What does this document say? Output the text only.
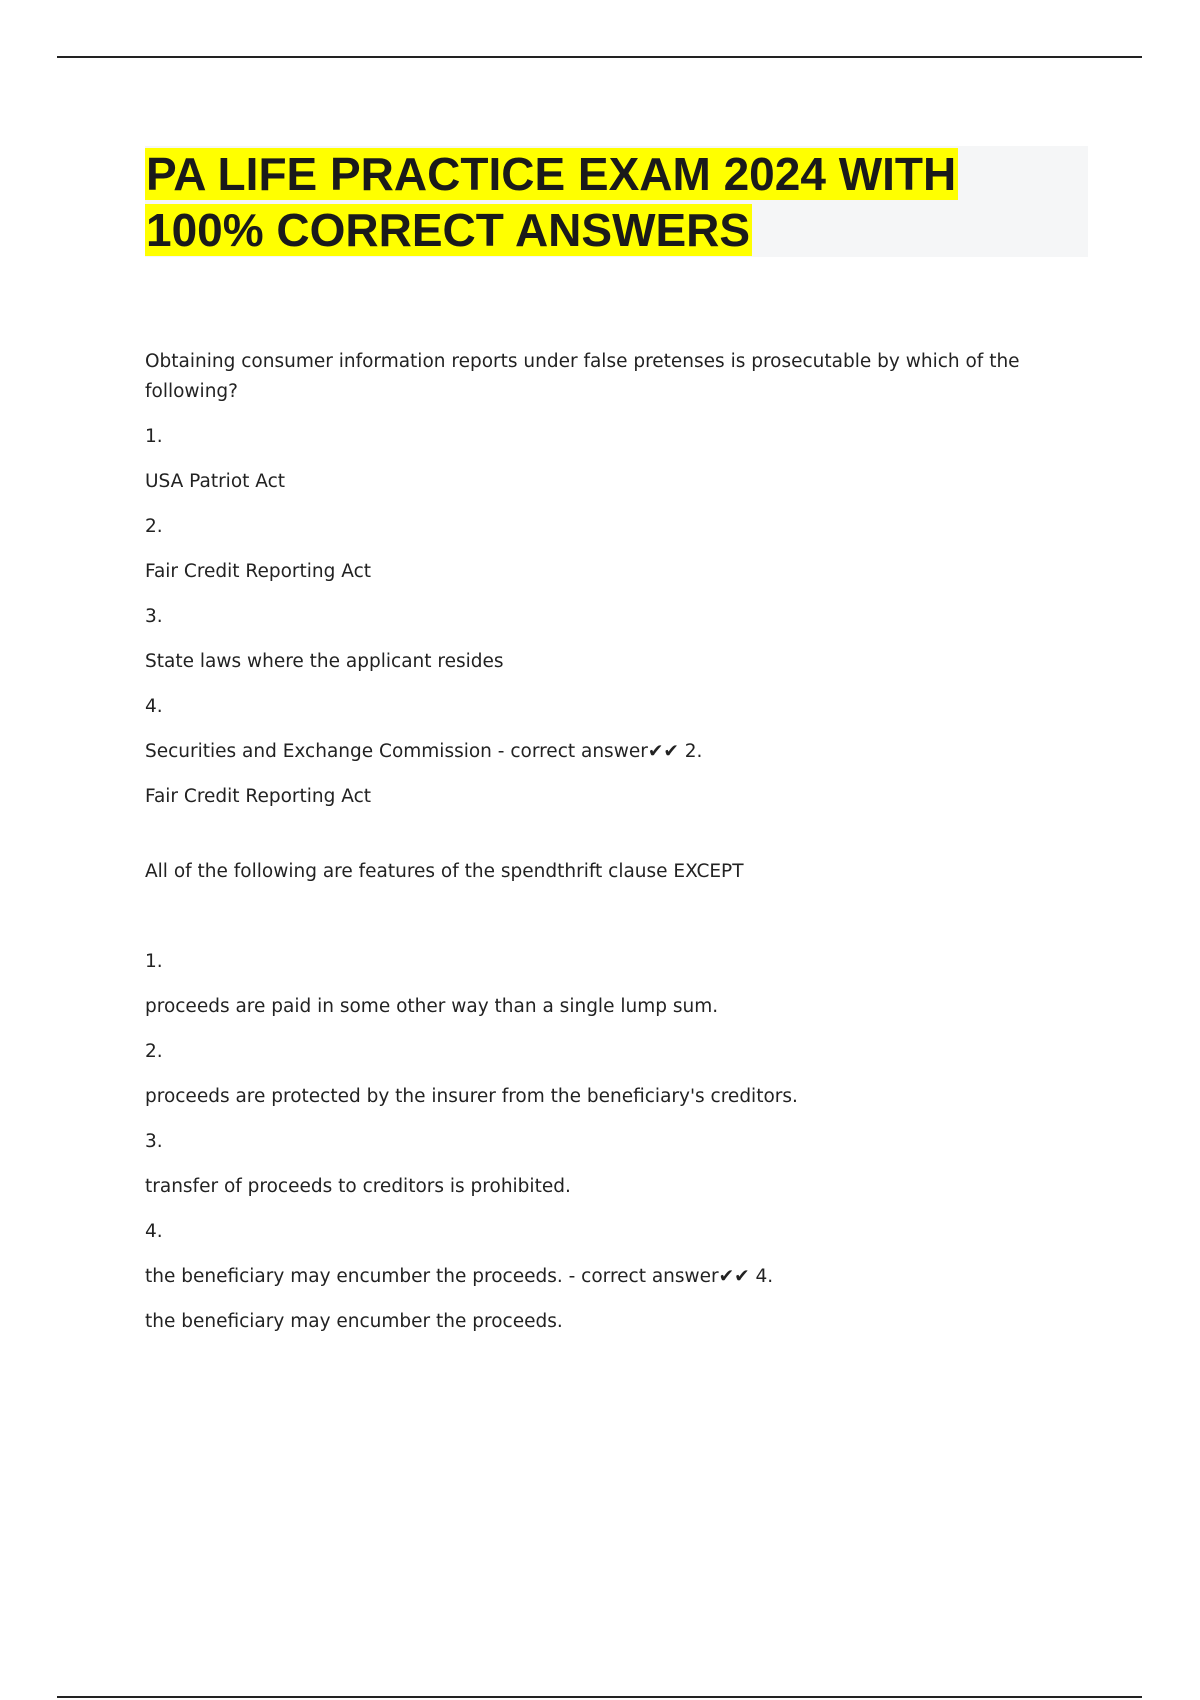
PA LIFE PRACTICE EXAM 2024 WITH
100% CORRECT ANSWERS

Obtaining consumer information reports under false pretenses is prosecutable by which of the following?

1.

USA Patriot Act

2.

Fair Credit Reporting Act

3.

State laws where the applicant resides

4.

Securities and Exchange Commission - correct answer✔✔ 2.

Fair Credit Reporting Act

All of the following are features of the spendthrift clause EXCEPT

1.

proceeds are paid in some other way than a single lump sum.

2.

proceeds are protected by the insurer from the beneficiary's creditors.

3.

transfer of proceeds to creditors is prohibited.

4.

the beneficiary may encumber the proceeds. - correct answer✔✔ 4.

the beneficiary may encumber the proceeds.
